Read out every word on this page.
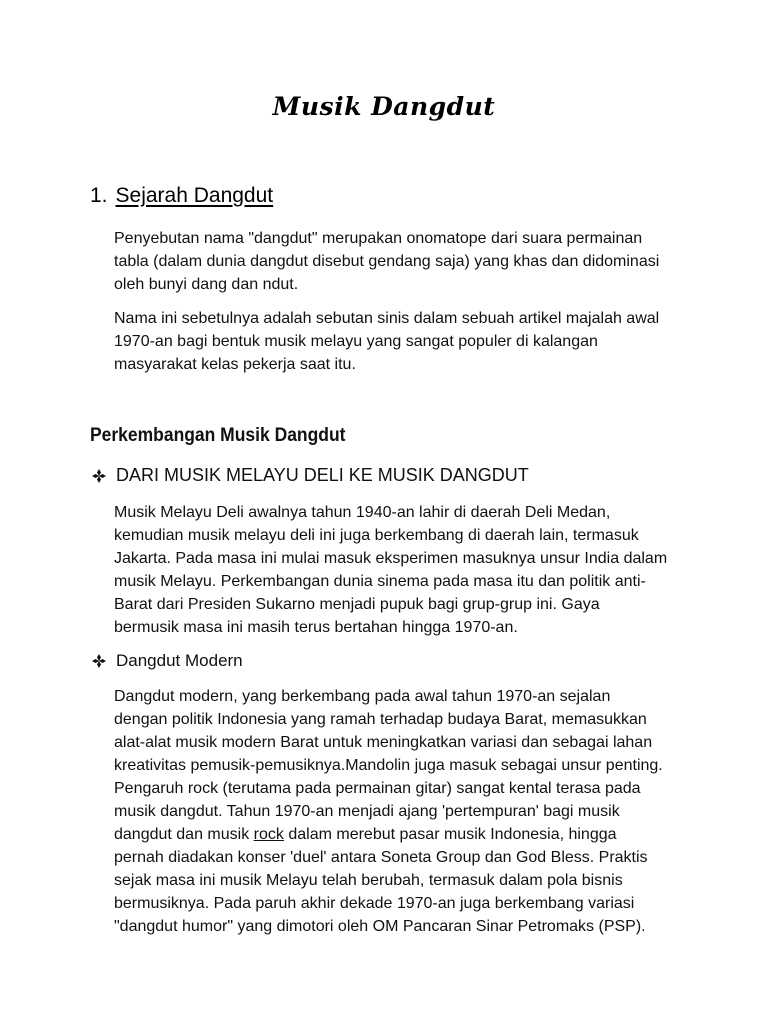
Musik Dangdut
1. Sejarah Dangdut
Penyebutan nama "dangdut" merupakan onomatope dari suara permainan
tabla (dalam dunia dangdut disebut gendang saja) yang khas dan didominasi
oleh bunyi dang dan ndut.
Nama ini sebetulnya adalah sebutan sinis dalam sebuah artikel majalah awal
1970-an bagi bentuk musik melayu yang sangat populer di kalangan
masyarakat kelas pekerja saat itu.
Perkembangan Musik Dangdut
DARI MUSIK MELAYU DELI KE MUSIK DANGDUT
Musik Melayu Deli awalnya tahun 1940-an lahir di daerah Deli Medan,
kemudian musik melayu deli ini juga berkembang di daerah lain, termasuk
Jakarta. Pada masa ini mulai masuk eksperimen masuknya unsur India dalam
musik Melayu. Perkembangan dunia sinema pada masa itu dan politik anti-
Barat dari Presiden Sukarno menjadi pupuk bagi grup-grup ini. Gaya
bermusik masa ini masih terus bertahan hingga 1970-an.
Dangdut Modern
Dangdut modern, yang berkembang pada awal tahun 1970-an sejalan
dengan politik Indonesia yang ramah terhadap budaya Barat, memasukkan
alat-alat musik modern Barat untuk meningkatkan variasi dan sebagai lahan
kreativitas pemusik-pemusiknya.Mandolin juga masuk sebagai unsur penting.
Pengaruh rock (terutama pada permainan gitar) sangat kental terasa pada
musik dangdut. Tahun 1970-an menjadi ajang 'pertempuran' bagi musik
dangdut dan musik rock dalam merebut pasar musik Indonesia, hingga
pernah diadakan konser 'duel' antara Soneta Group dan God Bless. Praktis
sejak masa ini musik Melayu telah berubah, termasuk dalam pola bisnis
bermusiknya. Pada paruh akhir dekade 1970-an juga berkembang variasi
"dangdut humor" yang dimotori oleh OM Pancaran Sinar Petromaks (PSP).
